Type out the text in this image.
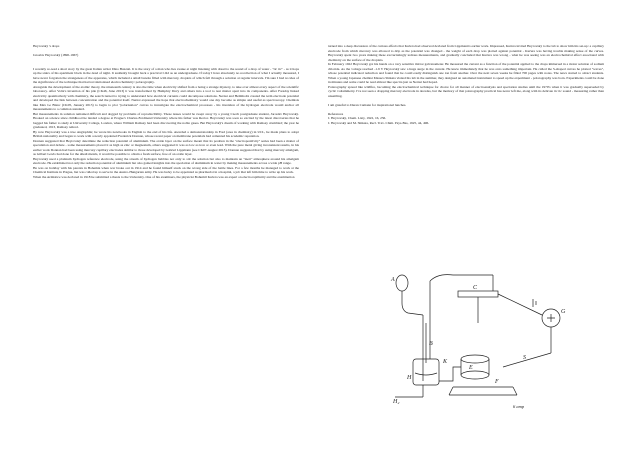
Heyrovský 's drops

Jaroslav Heyrovský (1890-1967)

I recently re-read a short story by the great Italian writer Dino Buzzati. It is the story of a man who lies awake at night listening with dread to the sound of a drop of water - "tic tic" - as it hops up the stairs of his apartment block in the dead of night. It suddenly brought back a practical I did as an undergraduate. If today I have absolutely no recollection of what I actually measured, I have never forgotten the strangeness of the apparatus, which included a small burette filled with mercury, droplets of which fell through a solution at regular intervals. I'm sure I had no idea of the significance of the technique that had revolutionised electrochemistry: polarography.

Alongside the development of the atomic theory, the nineteenth century is also the time when electricity shifted from a being a strange mystery, to take over almost every aspect of the scientific laboratory. After Volta's invention of his pile (CK46, June 2013) it was transformed by Humphry Davy and others into a tool to tear matter apart into its components. After Faraday linked electricity quantitatively with chemistry, the search turned to trying to understand how electrical currents could decompose solutions. Nernst and Helmholtz created the term electrode potential and developed the link between concentration and the potential itself. Nernst expressed the hope that electrochemistry would one day become as simple and useful as spectroscopy. Chemists like Max Le Blanc (CK05, January 2013) to begin to plot "polarisation" curves to investigate the electrochemical processes - his invention of the hydrogen electrode would anchor all measurements to a common standard.

But measurements in solution remained difficult and dogged by problems of reproducibility. These issues would be swept away by a young Czech postgraduate student, Jaroslav Heyrovský. Hooked on science since childhood he landed a degree at Prague's Charles-Ferdinand University where his father was Rector. Heyrovský was soon so excited by the latest discoveries that he begged his father to study at University College, London, where William Ramsay had been discovering the noble gases. But Heyrovský's dream of working with Ramsay crumbled; the year he graduated, 1913, Ramsay retired.

By now Heyrovský was a true Anglophile; he wrote his notebooks in English to the end of his life. Awarded a demonstratorship in Fred (area in chemistry) in UCL, he made plans to adopt British nationality and began to work with a newly appointed Frederick Donnan, whose recent paper on membrane potentials had cemented his academic reputation.

Donnan suggested that Heyrovský determine the reduction potential of aluminium. The oxide layer on the surface meant that its position in the "electropositivity" series had been a matter of speculation and debate - some measurements placed it as high as zinc or magnesium, others suggested it was as low as iron or even lead. With the pure metal giving inconsistent results, in his earlier work Donnan had been using mercury capillary electrodes similar to those developed by Gabriel Lippmann (see CK07-August 2013). Donnan suggested that by using mercury amalgam, as Gilbert Lewis had done for the alkali metals, it would be possible to obtain a fresh surface, free of an oxide layer.

Heyrovský used a platinum hydrogen reference electrode, using the stream of hydrogen bubbles not only to stir the solution but also to maintain an "inert" atmosphere around his amalgam electrode. He established not only the reduction potential of aluminium but also gained insights into the speciation of aluminium in water by making measurements across a wide pH range.

He was on holiday with his parents in Bohemia when war broke out in 1914 and he found himself stuck on the wrong side of the battle lines. For a few months he managed to work at the Chemical Institute in Prague, but was called up to serve in the Austro-Hungarian army. He was lucky to be appointed as pharmacist in a hospital, a job that left him time to write up his work.

When the Armistice was declared in 1918 he submitted a thesis to the University. One of his examiners, the physicist Bohumil Kučera was an expert on electrocapillarity and the examination

turned into a deep discussion of the curious effects that Kučera had observed deviated from Lippmann's earlier work. Impressed, Kučera invited Heyrovský to the lab to show him his set-up: a capillary electrode from which mercury was allowed to drip as the potential was changed - the weight of each drop was plotted against potential - Kučera was having trouble making sense of the curves. Heyrovský spent two years making these excruciatingly tedious measurements, and gradually concluded that Kučera was wrong - what he was seeing was an electrochemical effect associated with chemistry on the surface of the droplets.

In February 1922 Heyrovský got his hands on a very sensitive mirror galvanometer. He measured the current as a function of the potential applied to the drops immersed in a molar solution of sodium chloride. As the voltage reached -1.9 V Heyrovský saw a huge surge in the current. He knew immediately that he was onto something important. He called the S-shaped curves he plotted "waves", whose potential indicated reduction and found that he could easily distinguish one ion from another. Over the next seven weeks he filled 700 pages with notes. The news started to attract students. When a young Japanese chemist Masuzo Shikata visited his lab in the summer, they designed an automated instrument to speed up the experiment - polarography was born. Experiments could be done in minutes and some could be read almost like spectra just as Nernst had hoped.

Polarography spread like wildfire, becoming the electrochemical technique for choice for all manner of electroanalysis and speciation studies until the 1970's when it was gradually superseded by cyclic voltammetry. I've not seen a dropping mercury electrode in decades, but the memory of that polarography practical has never left me, along with its delicate tic tic sound - measuring rather than unsettling.

I am grateful to Duran Camann for inspirational lunches.

References

J. Heyrovský, Chem. Listy, 1922, 16, 256.

J. Heyrovský and M. Shikata, Recl. Trav. Chim. Pays-Bas, 1925, 44, 496.

A
B
C
E
F
G
H
K
H₂
S
6 amp
